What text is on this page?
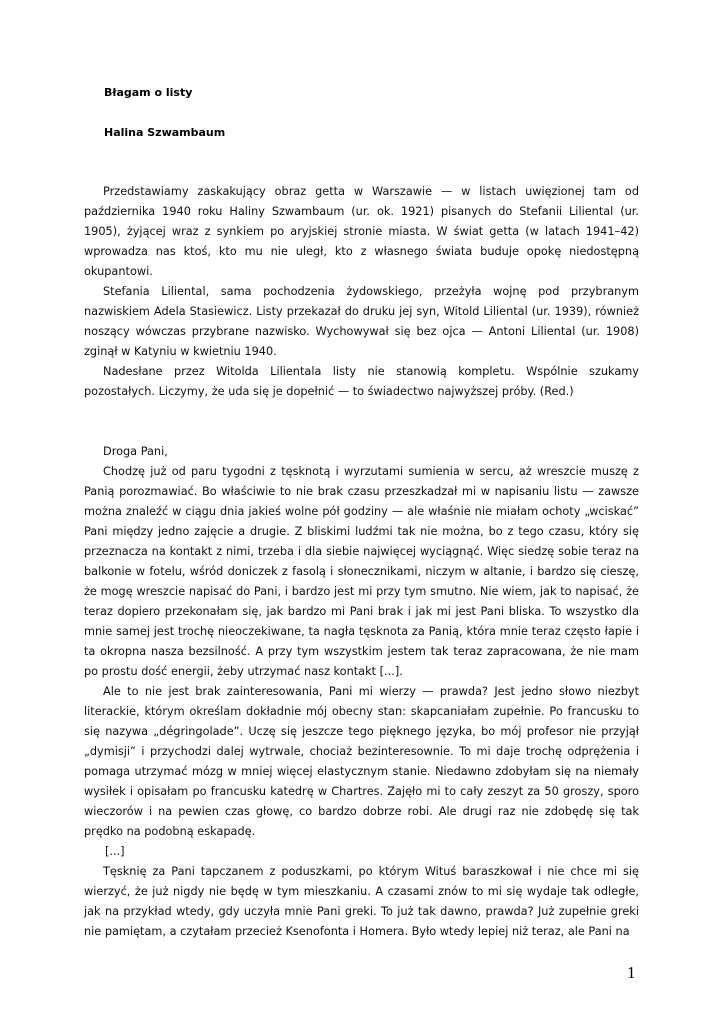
Błagam o listy

Halina Szwambaum

Przedstawiamy zaskakujący obraz getta w Warszawie — w listach uwięzionej tam od października 1940 roku Haliny Szwambaum (ur. ok. 1921) pisanych do Stefanii Liliental (ur. 1905), żyjącej wraz z synkiem po aryjskiej stronie miasta. W świat getta (w latach 1941–42) wprowadza nas ktoś, kto mu nie uległ, kto z własnego świata buduje opokę niedostępną okupantowi.

Stefania Liliental, sama pochodzenia żydowskiego, przeżyła wojnę pod przybranym nazwiskiem Adela Stasiewicz. Listy przekazał do druku jej syn, Witold Liliental (ur. 1939), również noszący wówczas przybrane nazwisko. Wychowywał się bez ojca — Antoni Liliental (ur. 1908) zginął w Katyniu w kwietniu 1940.

Nadesłane przez Witolda Lilientala listy nie stanowią kompletu. Wspólnie szukamy pozostałych. Liczymy, że uda się je dopełnić — to świadectwo najwyższej próby. (Red.)

Droga Pani,

Chodzę już od paru tygodni z tęsknotą i wyrzutami sumienia w sercu, aż wreszcie muszę z Panią porozmawiać. Bo właściwie to nie brak czasu przeszkadzał mi w napisaniu listu — zawsze można znaleźć w ciągu dnia jakieś wolne pół godziny — ale właśnie nie miałam ochoty „wciskać” Pani między jedno zajęcie a drugie. Z bliskimi ludźmi tak nie można, bo z tego czasu, który się przeznacza na kontakt z nimi, trzeba i dla siebie najwięcej wyciągnąć. Więc siedzę sobie teraz na balkonie w fotelu, wśród doniczek z fasolą i słonecznikami, niczym w altanie, i bardzo się cieszę, że mogę wreszcie napisać do Pani, i bardzo jest mi przy tym smutno. Nie wiem, jak to napisać, że teraz dopiero przekonałam się, jak bardzo mi Pani brak i jak mi jest Pani bliska. To wszystko dla mnie samej jest trochę nieoczekiwane, ta nagła tęsknota za Panią, która mnie teraz często łapie i ta okropna nasza bezsilność. A przy tym wszystkim jestem tak teraz zapracowana, że nie mam po prostu dość energii, żeby utrzymać nasz kontakt [...].

Ale to nie jest brak zainteresowania, Pani mi wierzy — prawda? Jest jedno słowo niezbyt literackie, którym określam dokładnie mój obecny stan: skapcaniałam zupełnie. Po francusku to się nazywa „dégringolade”. Uczę się jeszcze tego pięknego języka, bo mój profesor nie przyjął „dymisji” i przychodzi dalej wytrwale, chociaż bezinteresownie. To mi daje trochę odprężenia i pomaga utrzymać mózg w mniej więcej elastycznym stanie. Niedawno zdobyłam się na niemały wysiłek i opisałam po francusku katedrę w Chartres. Zajęło mi to cały zeszyt za 50 groszy, sporo wieczorów i na pewien czas głowę, co bardzo dobrze robi. Ale drugi raz nie zdobędę się tak prędko na podobną eskapadę.

[...]

Tęsknię za Pani tapczanem z poduszkami, po którym Wituś baraszkował i nie chce mi się wierzyć, że już nigdy nie będę w tym mieszkaniu. A czasami znów to mi się wydaje tak odległe, jak na przykład wtedy, gdy uczyła mnie Pani greki. To już tak dawno, prawda? Już zupełnie greki nie pamiętam, a czytałam przecież Ksenofonta i Homera. Było wtedy lepiej niż teraz, ale Pani na

1
